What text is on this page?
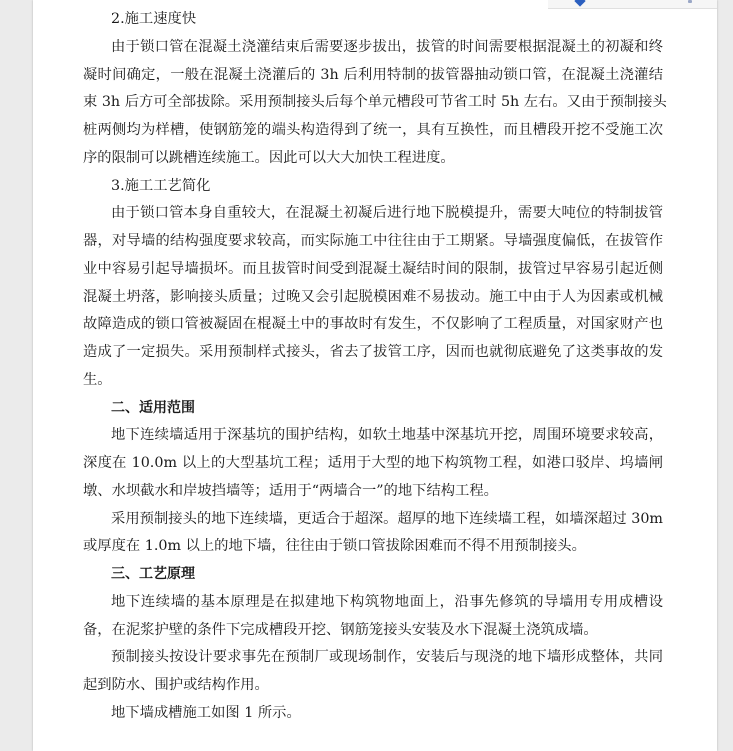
2.施工速度快
由于锁口管在混凝土浇灌结束后需要逐步拔出，拔管的时间需要根据混凝土的初凝和终
凝时间确定，一般在混凝土浇灌后的 3h 后利用特制的拔管器抽动锁口管，在混凝土浇灌结
束 3h 后方可全部拔除。采用预制接头后每个单元槽段可节省工时 5h 左右。又由于预制接头
桩两侧均为样槽，使钢筋笼的端头构造得到了统一，具有互换性，而且槽段开挖不受施工次
序的限制可以跳槽连续施工。因此可以大大加快工程进度。
3.施工工艺简化
由于锁口管本身自重较大，在混凝土初凝后进行地下脱模提升，需要大吨位的特制拔管
器，对导墙的结构强度要求较高，而实际施工中往往由于工期紧。导墙强度偏低，在拔管作
业中容易引起导墙损坏。而且拔管时间受到混凝土凝结时间的限制，拔管过早容易引起近侧
混凝土坍落，影响接头质量；过晚又会引起脱模困难不易拔动。施工中由于人为因素或机械
故障造成的锁口管被凝固在棍凝土中的事故时有发生，不仅影响了工程质量，对国家财产也
造成了一定损失。采用预制样式接头，省去了拔管工序，因而也就彻底避免了这类事故的发
生。
二、适用范围
地下连续墙适用于深基坑的围护结构，如软土地基中深基坑开挖，周围环境要求较高，
深度在 10.0m 以上的大型基坑工程；适用于大型的地下构筑物工程，如港口驳岸、坞墙闸
墩、水坝截水和岸坡挡墙等；适用于“两墙合一”的地下结构工程。
采用预制接头的地下连续墙，更适合于超深。超厚的地下连续墙工程，如墙深超过 30m
或厚度在 1.0m 以上的地下墙，往往由于锁口管拔除困难而不得不用预制接头。
三、工艺原理
地下连续墙的基本原理是在拟建地下构筑物地面上，沿事先修筑的导墙用专用成槽设
备，在泥浆护壁的条件下完成槽段开挖、钢筋笼接头安装及水下混凝土浇筑成墙。
预制接头按设计要求事先在预制厂或现场制作，安装后与现浇的地下墙形成整体，共同
起到防水、围护或结构作用。
地下墙成槽施工如图 1 所示。
